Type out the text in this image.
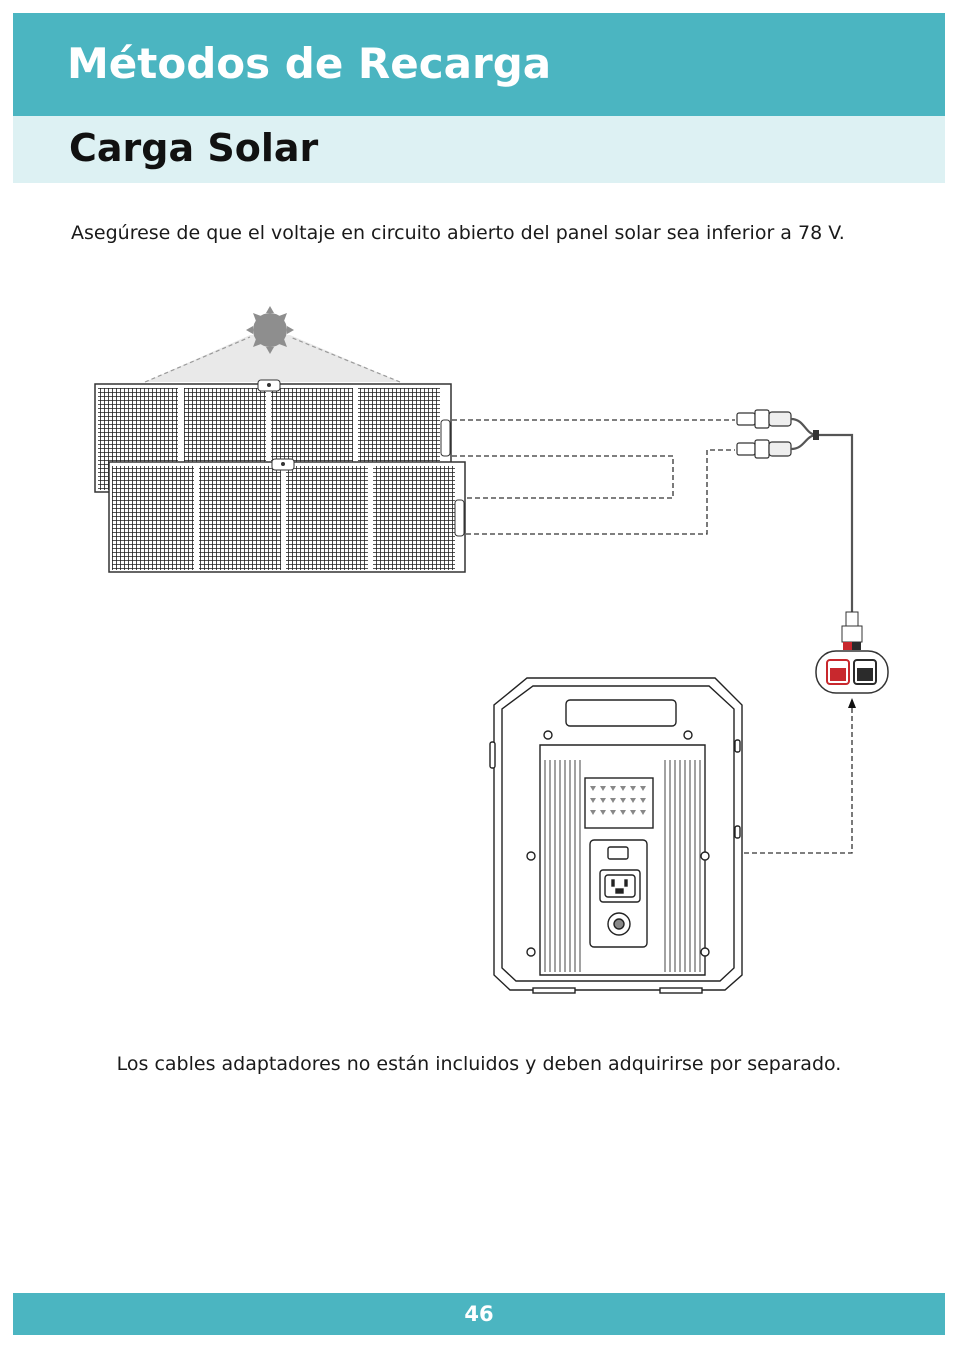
Métodos de Recarga
Carga Solar

Asegúrese de que el voltaje en circuito abierto del panel solar sea inferior a 78 V.

Los cables adaptadores no están incluidos y deben adquirirse por separado.

46
